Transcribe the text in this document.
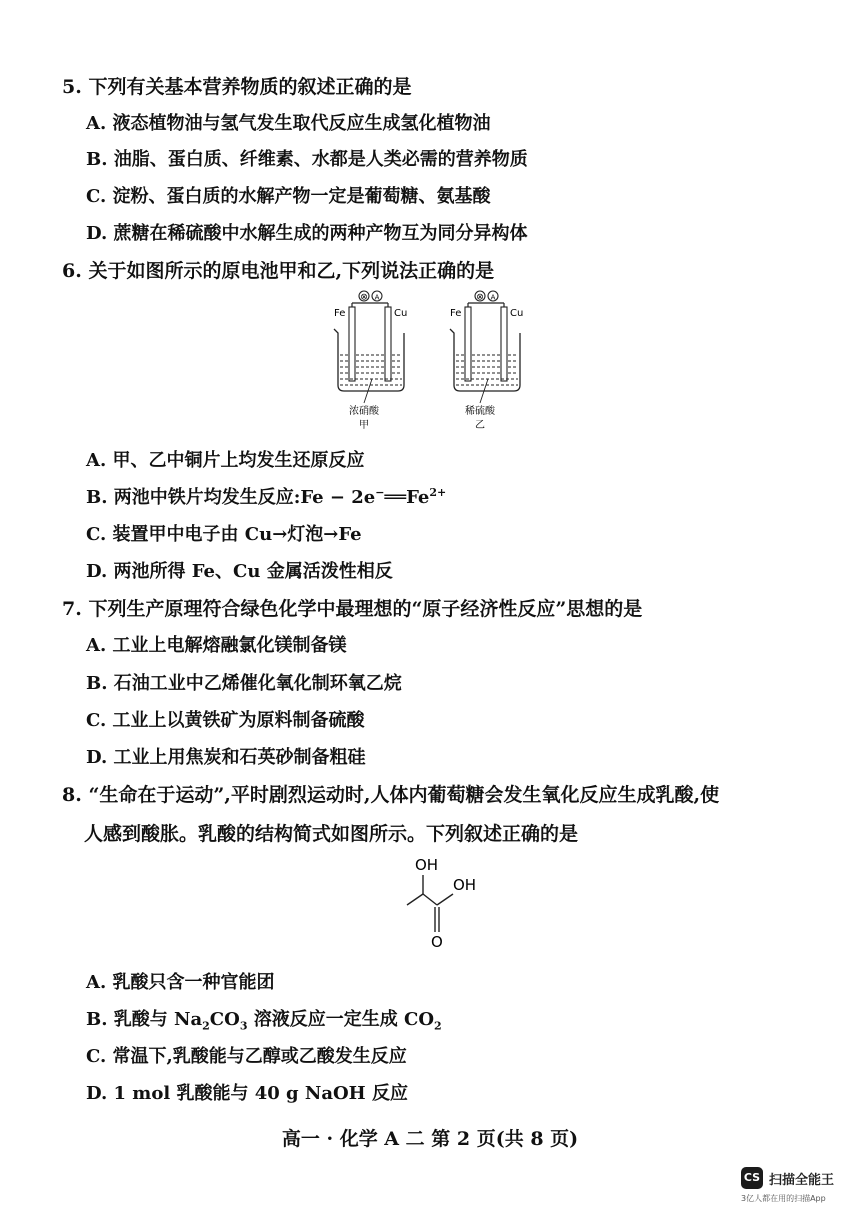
5. 下列有关基本营养物质的叙述正确的是
A. 液态植物油与氢气发生取代反应生成氢化植物油
B. 油脂、蛋白质、纤维素、水都是人类必需的营养物质
C. 淀粉、蛋白质的水解产物一定是葡萄糖、氨基酸
D. 蔗糖在稀硫酸中水解生成的两种产物互为同分异构体
6. 关于如图所示的原电池甲和乙,下列说法正确的是
⊗ A
Fe	Cu
浓硝酸
甲
⊗ A
Fe	Cu
稀硫酸
乙
A. 甲、乙中铜片上均发生还原反应
B. 两池中铁片均发生反应:Fe − $2e^-══Fe^{2+}$
C. 装置甲中电子由 Cu→灯泡→Fe
D. 两池所得 Fe、Cu 金属活泼性相反
7. 下列生产原理符合绿色化学中最理想的“原子经济性反应”思想的是
A. 工业上电解熔融氯化镁制备镁
B. 石油工业中乙烯催化氧化制环氧乙烷
C. 工业上以黄铁矿为原料制备硫酸
D. 工业上用焦炭和石英砂制备粗硅
8. “生命在于运动”,平时剧烈运动时,人体内葡萄糖会发生氧化反应生成乳酸,使
人感到酸胀。乳酸的结构简式如图所示。下列叙述正确的是
OH
OH
O
A. 乳酸只含一种官能团
B. 乳酸与 $Na_2CO_3$ 溶液反应一定生成 $CO_2$
C. 常温下,乳酸能与乙醇或乙酸发生反应
D. 1 mol 乳酸能与 40 g NaOH 反应
高一 · 化学 A 二 第 2 页(共 8 页)
CS 扫描全能王
3亿人都在用的扫描App
